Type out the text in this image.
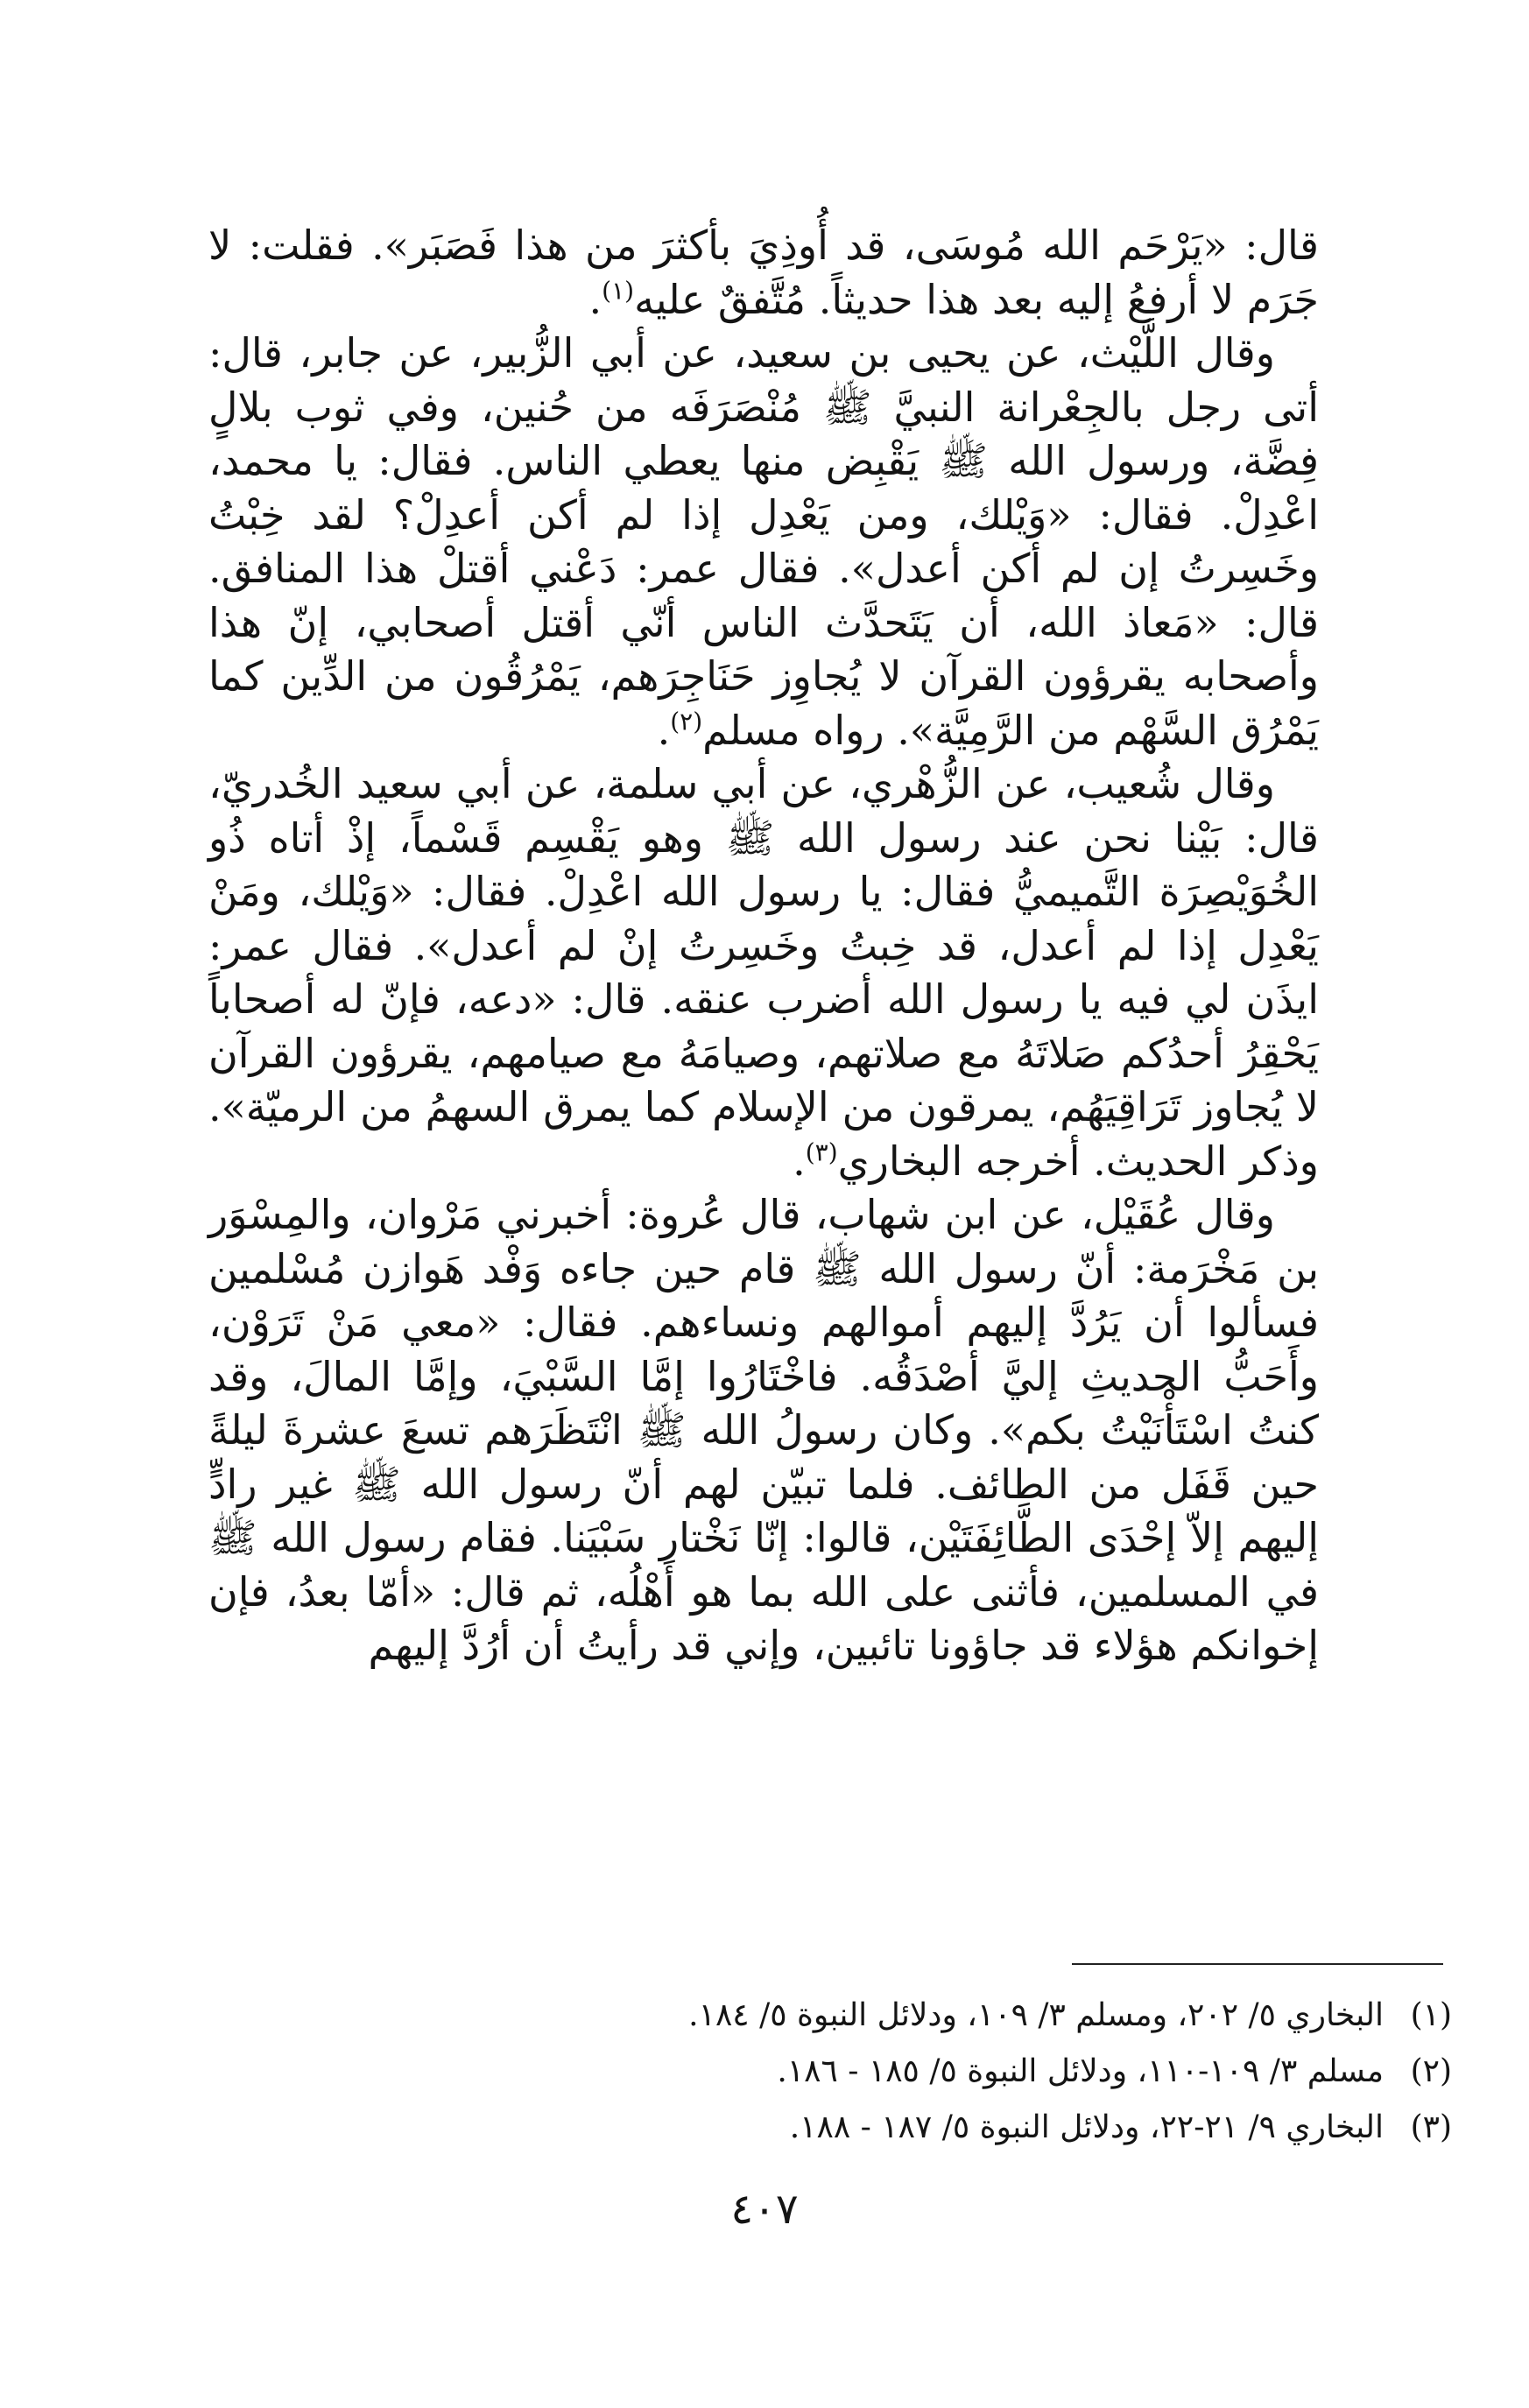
قال: «يَرْحَم الله مُوسَى، قد أُوذِيَ بأكثرَ من هذا فَصَبَر». فقلت: لا جَرَم لا أرفعُ إليه بعد هذا حديثاً. مُتَّفقٌ عليه$^{(١)}$.

وقال اللَّيْث، عن يحيى بن سعيد، عن أبي الزُّبير، عن جابر، قال: أتى رجل بالجِعْرانة النبيَّ ﷺ مُنْصَرَفَه من حُنين، وفي ثوب بلالٍ فِضَّة، ورسول الله ﷺ يَقْبِض منها يعطي الناس. فقال: يا محمد، اعْدِلْ. فقال: «وَيْلك، ومن يَعْدِل إذا لم أكن أعدِلْ؟ لقد خِبْتُ وخَسِرتُ إن لم أكن أعدل». فقال عمر: دَعْني أقتلْ هذا المنافق. قال: «مَعاذ الله، أن يَتَحدَّث الناس أنّي أقتل أصحابي، إنّ هذا وأصحابه يقرؤون القرآن لا يُجاوِز حَنَاجِرَهم، يَمْرُقُون من الدِّين كما يَمْرُق السَّهْم من الرَّمِيَّة». رواه مسلم$^{(٢)}$.

وقال شُعيب، عن الزُّهْري، عن أبي سلمة، عن أبي سعيد الخُدريّ، قال: بَيْنا نحن عند رسول الله ﷺ وهو يَقْسِم قَسْماً، إذْ أتاه ذُو الخُوَيْصِرَة التَّميميُّ فقال: يا رسول الله اعْدِلْ. فقال: «وَيْلك، ومَنْ يَعْدِل إذا لم أعدل، قد خِبتُ وخَسِرتُ إنْ لم أعدل». فقال عمر: ايذَن لي فيه يا رسول الله أضرب عنقه. قال: «دعه، فإنّ له أصحاباً يَحْقِرُ أحدُكم صَلاتَهُ مع صلاتهم، وصيامَهُ مع صيامهم، يقرؤون القرآن لا يُجاوز تَرَاقِيَهُم، يمرقون من الإسلام كما يمرق السهمُ من الرميّة». وذكر الحديث. أخرجه البخاري$^{(٣)}$.

وقال عُقَيْل، عن ابن شهاب، قال عُروة: أخبرني مَرْوان، والمِسْوَر بن مَخْرَمة: أنّ رسول الله ﷺ قام حين جاءه وَفْد هَوازن مُسْلمين فسألوا أن يَرُدَّ إليهم أموالهم ونساءهم. فقال: «معي مَنْ تَرَوْن، وأَحَبُّ الحديثِ إليَّ أصْدَقُه. فاخْتَارُوا إمَّا السَّبْيَ، وإمَّا المالَ، وقد كنتُ اسْتَأْنَيْتُ بكم». وكان رسولُ الله ﷺ انْتَظَرَهم تسعَ عشرةَ ليلةً حين قَفَل من الطائف. فلما تبيّن لهم أنّ رسول الله ﷺ غير رادٍّ إليهم إلاّ إحْدَى الطَّائِفَتَيْن، قالوا: إنّا نَخْتار سَبْيَنا. فقام رسول الله ﷺ في المسلمين، فأثنى على الله بما هو أَهْلُه، ثم قال: «أمّا بعدُ، فإن إخوانكم هؤلاء قد جاؤونا تائبين، وإني قد رأيتُ أن أرُدَّ إليهم

(١)
البخاري ٥/ ٢٠٢، ومسلم ٣/ ١٠٩، ودلائل النبوة ٥/ ١٨٤.
(٢)
مسلم ٣/ ١٠٩-١١٠، ودلائل النبوة ٥/ ١٨٥ - ١٨٦.
(٣)
البخاري ٩/ ٢١-٢٢، ودلائل النبوة ٥/ ١٨٧ - ١٨٨.
٤٠٧
